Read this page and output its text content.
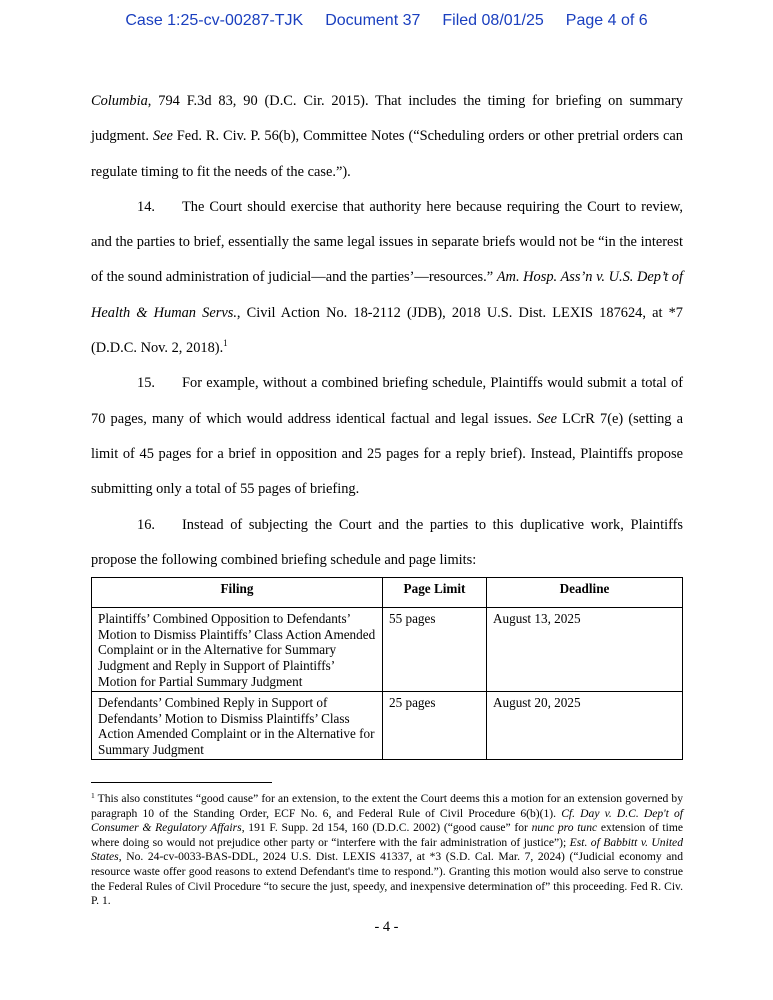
Case 1:25-cv-00287-TJK Document 37 Filed 08/01/25 Page 4 of 6

Columbia, 794 F.3d 83, 90 (D.C. Cir. 2015). That includes the timing for briefing on summary judgment. See Fed. R. Civ. P. 56(b), Committee Notes (“Scheduling orders or other pretrial orders can regulate timing to fit the needs of the case.”).

14. The Court should exercise that authority here because requiring the Court to review, and the parties to brief, essentially the same legal issues in separate briefs would not be “in the interest of the sound administration of judicial—and the parties’—resources.” Am. Hosp. Ass’n v. U.S. Dep’t of Health & Human Servs., Civil Action No. 18-2112 (JDB), 2018 U.S. Dist. LEXIS 187624, at *7 (D.D.C. Nov. 2, 2018).$^1$

15. For example, without a combined briefing schedule, Plaintiffs would submit a total of 70 pages, many of which would address identical factual and legal issues. See LCrR 7(e) (setting a limit of 45 pages for a brief in opposition and 25 pages for a reply brief). Instead, Plaintiffs propose submitting only a total of 55 pages of briefing.

16. Instead of subjecting the Court and the parties to this duplicative work, Plaintiffs propose the following combined briefing schedule and page limits:

Filing	Page Limit	Deadline
Plaintiffs’ Combined Opposition to Defendants’ Motion to Dismiss Plaintiffs’ Class Action Amended Complaint or in the Alternative for Summary Judgment and Reply in Support of Plaintiffs’ Motion for Partial Summary Judgment	55 pages	August 13, 2025
Defendants’ Combined Reply in Support of Defendants’ Motion to Dismiss Plaintiffs’ Class Action Amended Complaint or in the Alternative for Summary Judgment	25 pages	August 20, 2025
$^1$ This also constitutes “good cause” for an extension, to the extent the Court deems this a motion for an extension governed by paragraph 10 of the Standing Order, ECF No. 6, and Federal Rule of Civil Procedure 6(b)(1). Cf. Day v. D.C. Dep't of Consumer & Regulatory Affairs, 191 F. Supp. 2d 154, 160 (D.D.C. 2002) (“good cause” for nunc pro tunc extension of time where doing so would not prejudice other party or “interfere with the fair administration of justice”); Est. of Babbitt v. United States, No. 24-cv-0033-BAS-DDL, 2024 U.S. Dist. LEXIS 41337, at *3 (S.D. Cal. Mar. 7, 2024) (“Judicial economy and resource waste offer good reasons to extend Defendant's time to respond.”). Granting this motion would also serve to construe the Federal Rules of Civil Procedure “to secure the just, speedy, and inexpensive determination of” this proceeding. Fed R. Civ. P. 1.
- 4 -
